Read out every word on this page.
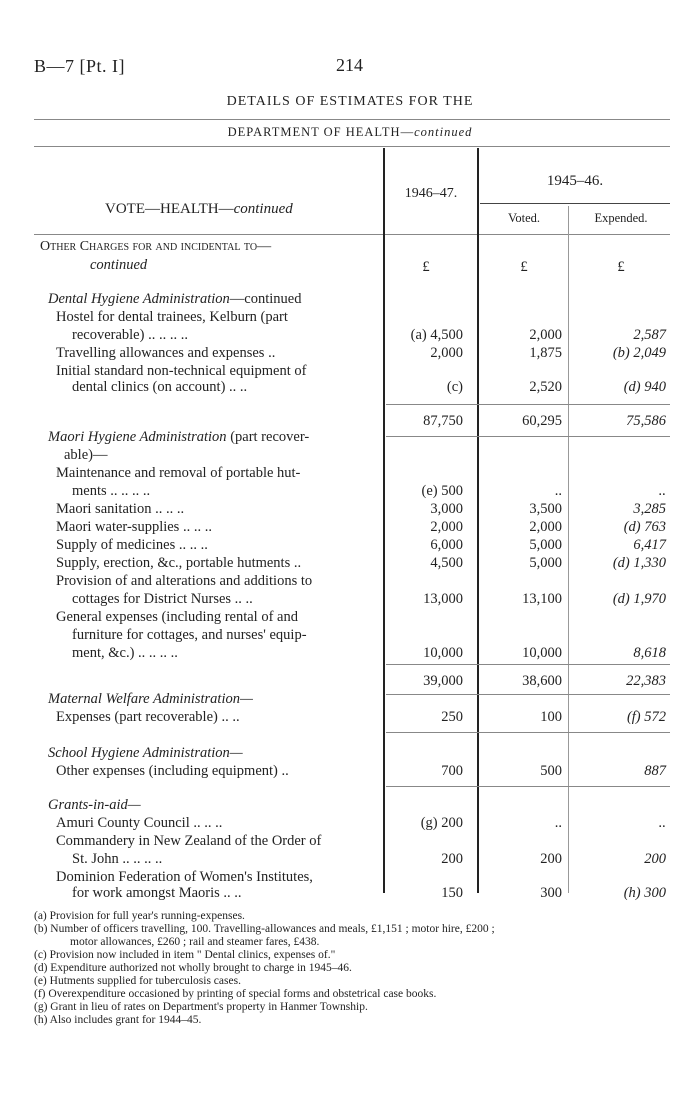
B—7 [Pt. I]	214
DETAILS OF ESTIMATES FOR THE
DEPARTMENT OF HEALTH—continued
VOTE—HEALTH—continued
1946–47.
1945–46.
Voted.	Expended.
Other Charges for and incidental to—
continued	£	£	£
Dental Hygiene Administration—continued
Hostel for dental trainees, Kelburn (part
recoverable) .. .. .. ..	(a) 4,500	2,000	2,587
Travelling allowances and expenses ..	2,000	1,875	(b) 2,049
Initial standard non-technical equipment of
dental clinics (on account) .. ..	(c)	2,520	(d) 940
87,750	60,295	75,586
Maori Hygiene Administration (part recover-
able)—
Maintenance and removal of portable hut-
ments .. .. .. ..	(e) 500	..	..
Maori sanitation .. .. ..	3,000	3,500	3,285
Maori water-supplies .. .. ..	2,000	2,000	(d) 763
Supply of medicines .. .. ..	6,000	5,000	6,417
Supply, erection, &c., portable hutments ..	4,500	5,000	(d) 1,330
Provision of and alterations and additions to
cottages for District Nurses .. ..	13,000	13,100	(d) 1,970
General expenses (including rental of and
furniture for cottages, and nurses' equip-
ment, &c.) .. .. .. ..	10,000	10,000	8,618
39,000	38,600	22,383
Maternal Welfare Administration—
Expenses (part recoverable) .. ..	250	100	(f) 572
School Hygiene Administration—
Other expenses (including equipment) ..	700	500	887
Grants-in-aid—
Amuri County Council .. .. ..	(g) 200	..	..
Commandery in New Zealand of the Order of
St. John .. .. .. ..	200	200	200
Dominion Federation of Women's Institutes,
for work amongst Maoris .. ..	150	300	(h) 300
(a) Provision for full year's running-expenses.
(b) Number of officers travelling, 100. Travelling-allowances and meals, £1,151 ; motor hire, £200 ;
motor allowances, £260 ; rail and steamer fares, £438.
(c) Provision now included in item " Dental clinics, expenses of."
(d) Expenditure authorized not wholly brought to charge in 1945–46.
(e) Hutments supplied for tuberculosis cases.
(f) Overexpenditure occasioned by printing of special forms and obstetrical case books.
(g) Grant in lieu of rates on Department's property in Hanmer Township.
(h) Also includes grant for 1944–45.
